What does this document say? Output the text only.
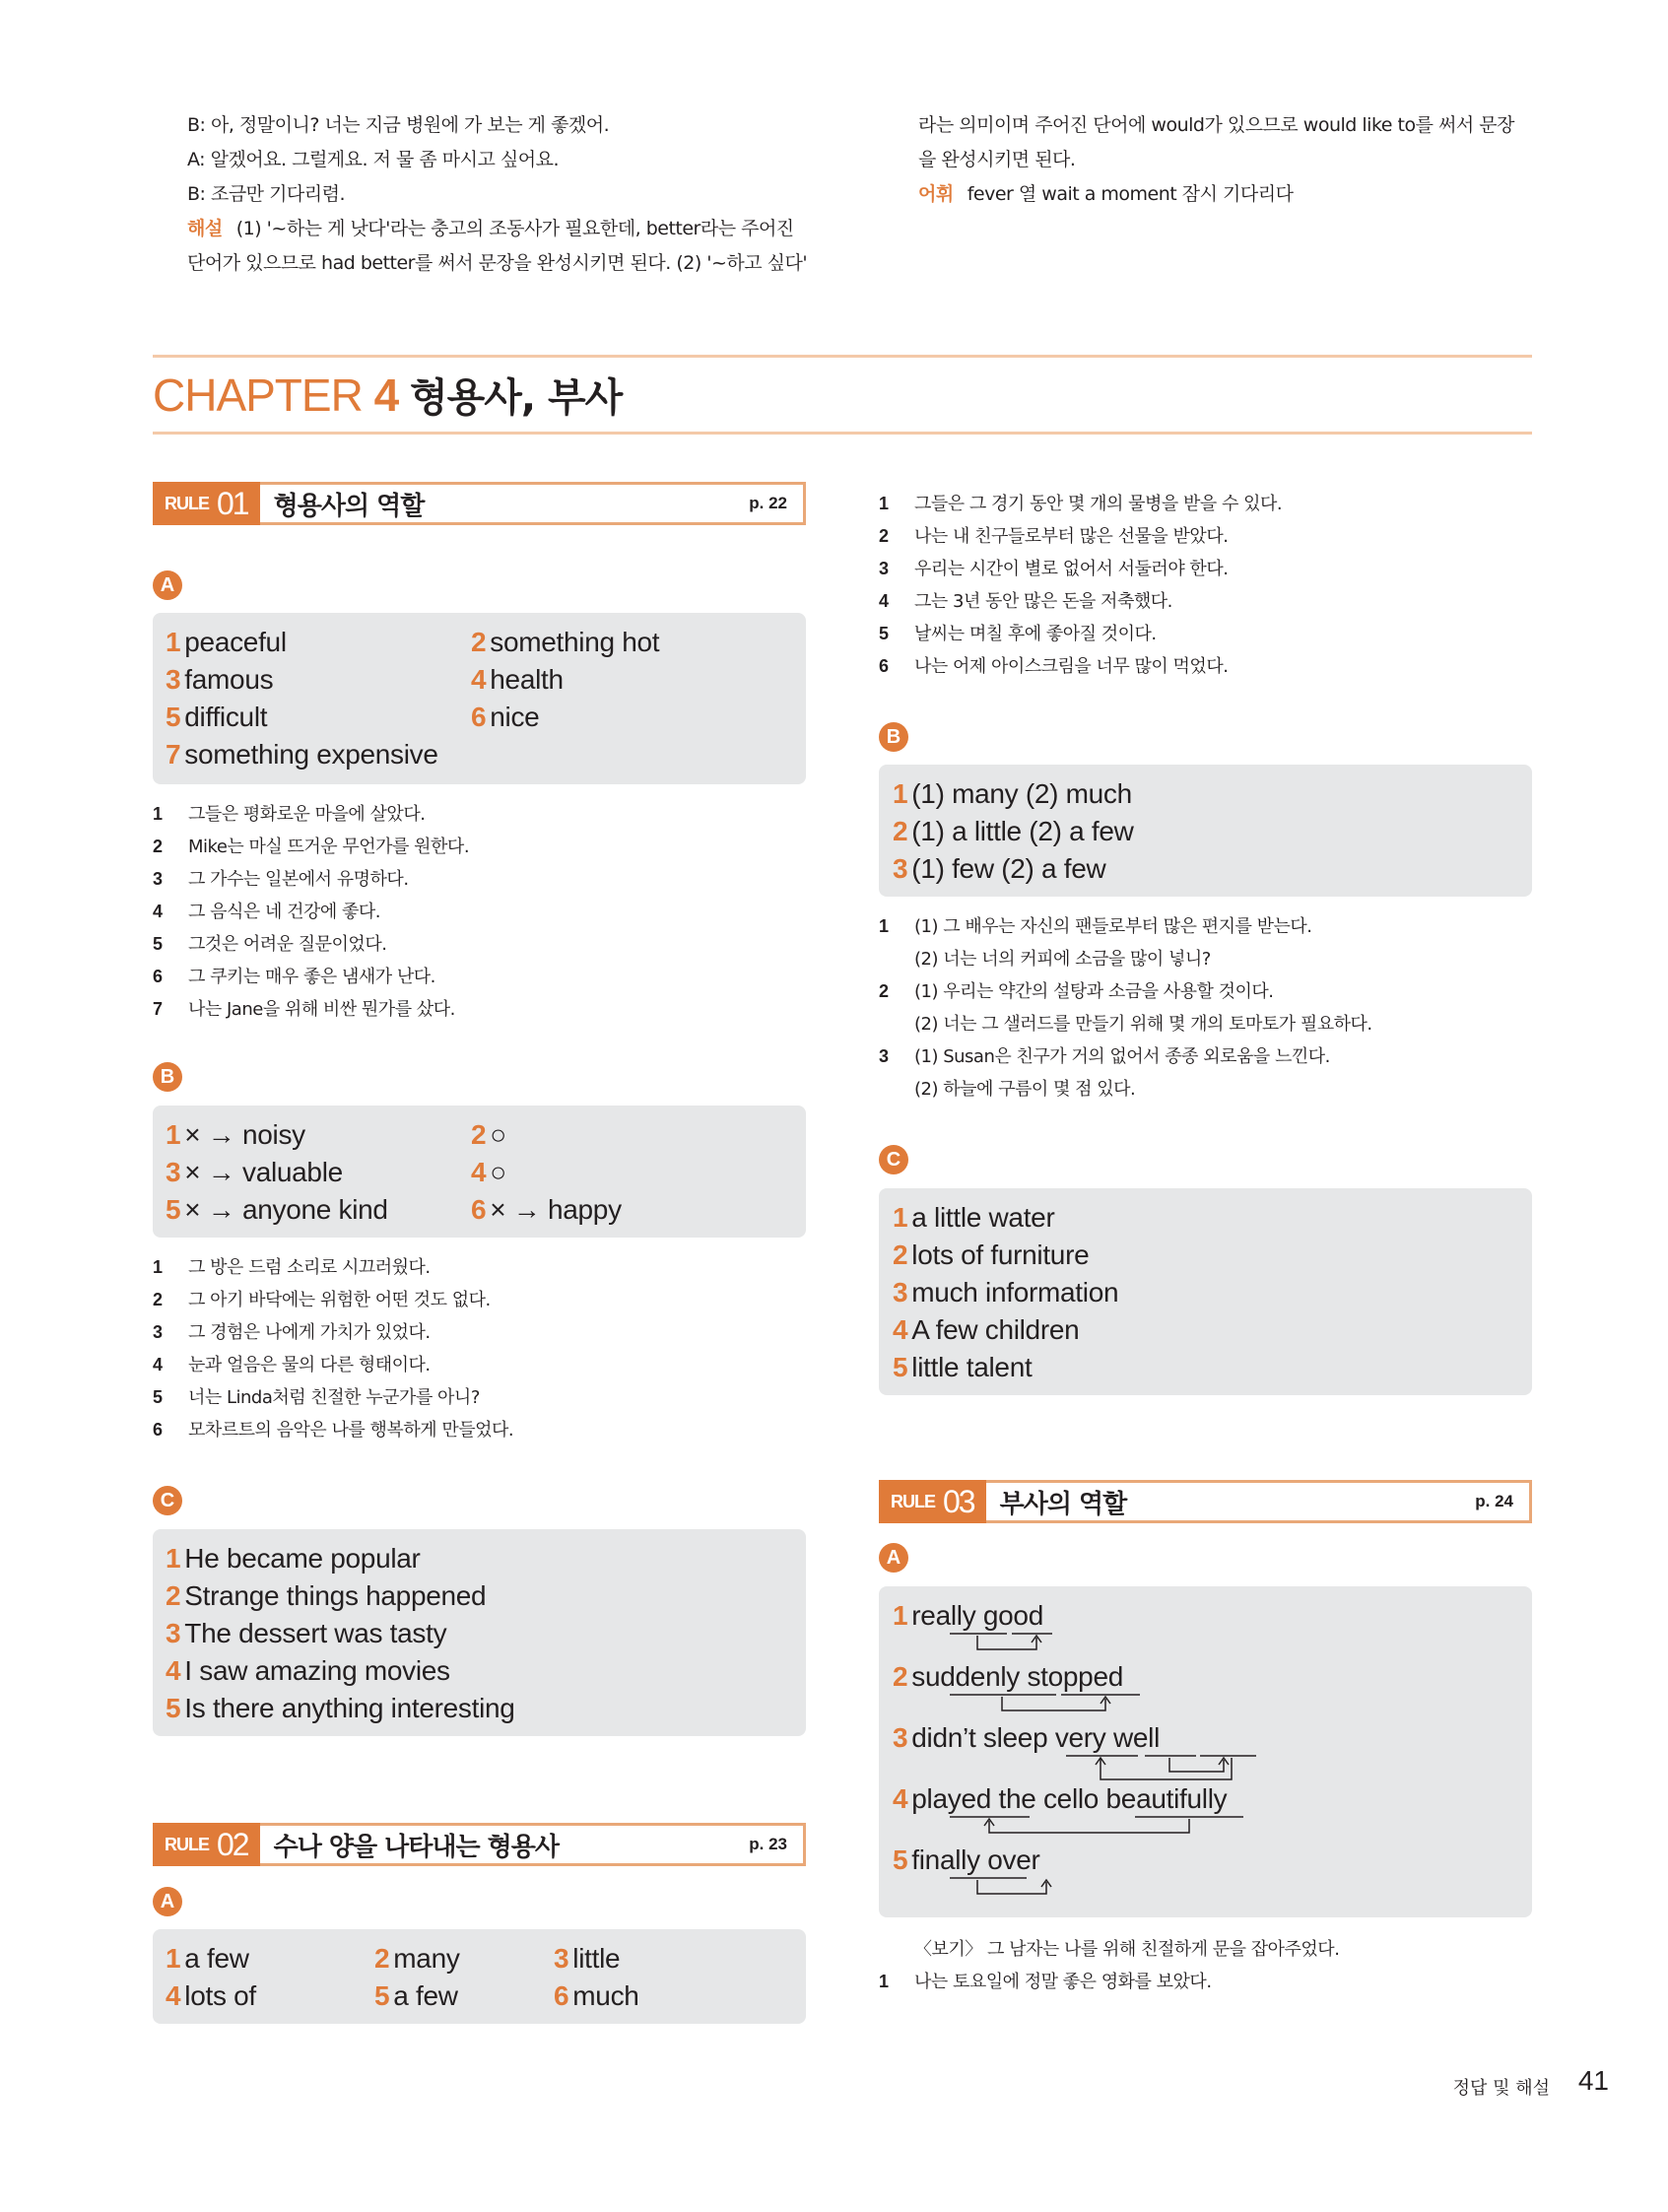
B: 아, 정말이니? 너는 지금 병원에 가 보는 게 좋겠어.
A: 알겠어요. 그럴게요. 저 물 좀 마시고 싶어요.
B: 조금만 기다리렴.
해설 (1) '~하는 게 낫다'라는 충고의 조동사가 필요한데, better라는 주어진
단어가 있으므로 had better를 써서 문장을 완성시키면 된다. (2) '~하고 싶다'
라는 의미이며 주어진 단어에 would가 있으므로 would like to를 써서 문장
을 완성시키면 된다.
어휘 fever 열 wait a moment 잠시 기다리다
CHAPTER 4 형용사, 부사
RULE 01	형용사의 역할	p. 22
A
1 peaceful	2 something hot
3 famous	4 health
5 difficult	6 nice
7 something expensive
1 그들은 평화로운 마을에 살았다.
2 Mike는 마실 뜨거운 무언가를 원한다.
3 그 가수는 일본에서 유명하다.
4 그 음식은 네 건강에 좋다.
5 그것은 어려운 질문이었다.
6 그 쿠키는 매우 좋은 냄새가 난다.
7 나는 Jane을 위해 비싼 뭔가를 샀다.
B
1 × → noisy	2 ○
3 × → valuable	4 ○
5 × → anyone kind	6 × → happy
1 그 방은 드럼 소리로 시끄러웠다.
2 그 아기 바닥에는 위험한 어떤 것도 없다.
3 그 경험은 나에게 가치가 있었다.
4 눈과 얼음은 물의 다른 형태이다.
5 너는 Linda처럼 친절한 누군가를 아니?
6 모차르트의 음악은 나를 행복하게 만들었다.
C
1 He became popular
2 Strange things happened
3 The dessert was tasty
4 I saw amazing movies
5 Is there anything interesting
RULE 02	수나 양을 나타내는 형용사	p. 23
A
1 a few	2 many	3 little
4 lots of	5 a few	6 much
1 그들은 그 경기 동안 몇 개의 물병을 받을 수 있다.
2 나는 내 친구들로부터 많은 선물을 받았다.
3 우리는 시간이 별로 없어서 서둘러야 한다.
4 그는 3년 동안 많은 돈을 저축했다.
5 날씨는 며칠 후에 좋아질 것이다.
6 나는 어제 아이스크림을 너무 많이 먹었다.
B
1 (1) many (2) much
2 (1) a little (2) a few
3 (1) few (2) a few
1 (1) 그 배우는 자신의 팬들로부터 많은 편지를 받는다.
(2) 너는 너의 커피에 소금을 많이 넣니?
2 (1) 우리는 약간의 설탕과 소금을 사용할 것이다.
(2) 너는 그 샐러드를 만들기 위해 몇 개의 토마토가 필요하다.
3 (1) Susan은 친구가 거의 없어서 종종 외로움을 느낀다.
(2) 하늘에 구름이 몇 점 있다.
C
1 a little water
2 lots of furniture
3 much information
4 A few children
5 little talent
RULE 03	부사의 역할	p. 24
A
1 really good
2 suddenly stopped
3 didn’t sleep very well
4 played the cello beautifully
5 finally over
〈보기〉 그 남자는 나를 위해 친절하게 문을 잡아주었다.
1 나는 토요일에 정말 좋은 영화를 보았다.
정답 및 해설 41
